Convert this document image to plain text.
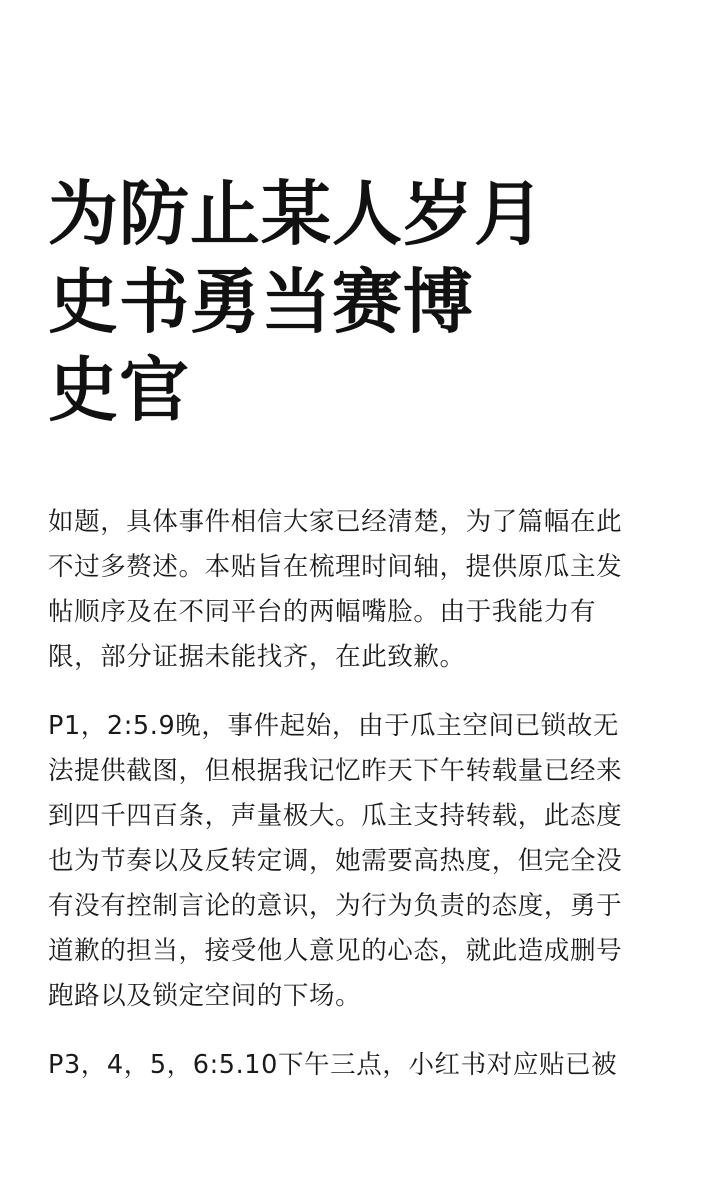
为防止某人岁月
史书勇当赛博
史官

如题，具体事件相信大家已经清楚，为了篇幅在此
不过多赘述。本贴旨在梳理时间轴，提供原瓜主发
帖顺序及在不同平台的两幅嘴脸。由于我能力有
限，部分证据未能找齐，在此致歉。

P1，2:5.9晚，事件起始，由于瓜主空间已锁故无
法提供截图，但根据我记忆昨天下午转载量已经来
到四千四百条，声量极大。瓜主支持转载，此态度
也为节奏以及反转定调，她需要高热度，但完全没
有没有控制言论的意识，为行为负责的态度，勇于
道歉的担当，接受他人意见的心态，就此造成删号
跑路以及锁定空间的下场。

P3，4，5，6:5.10下午三点，小红书对应贴已被
